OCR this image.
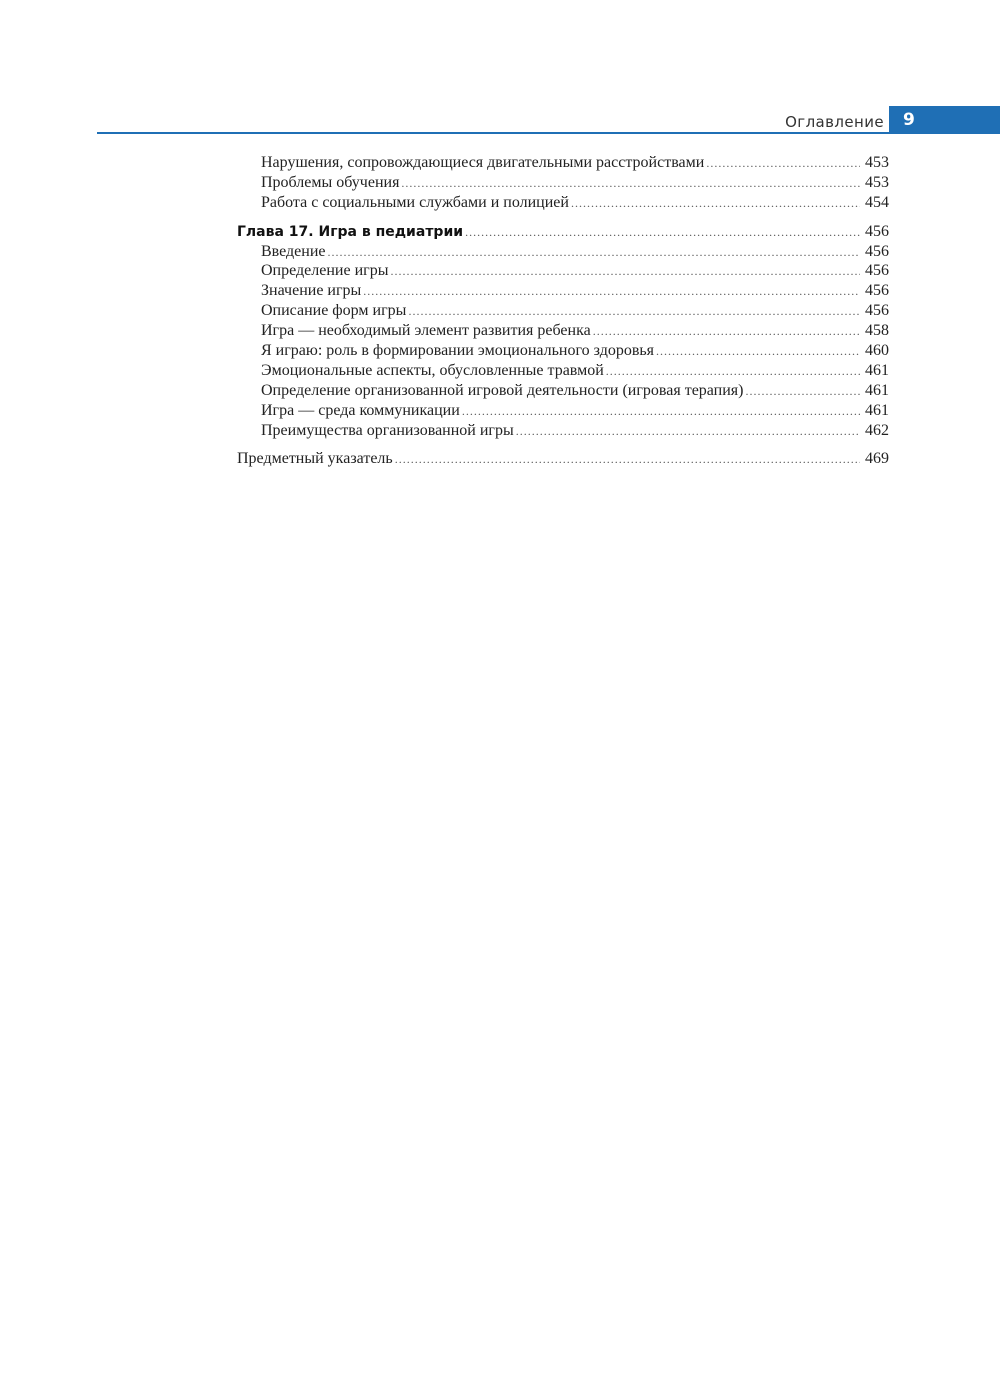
Оглавление 9
Нарушения, сопровождающиеся двигательными расстройствами .....	453
Проблемы обучения .....	453
Работа с социальными службами и полицией .....	454
Глава 17. Игра в педиатрии .....	456
Введение .....	456
Определение игры .....	456
Значение игры .....	456
Описание форм игры .....	456
Игра — необходимый элемент развития ребенка .....	458
Я играю: роль в формировании эмоционального здоровья .....	460
Эмоциональные аспекты, обусловленные травмой .....	461
Определение организованной игровой деятельности (игровая терапия) .....	461
Игра — среда коммуникации .....	461
Преимущества организованной игры .....	462
Предметный указатель .....	469
